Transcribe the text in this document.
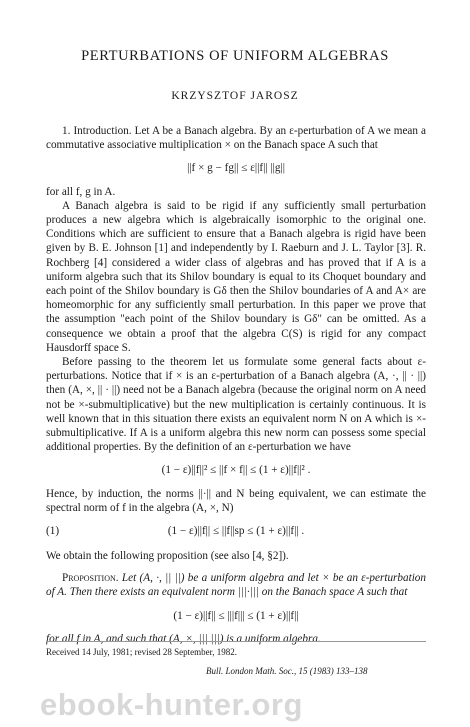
PERTURBATIONS OF UNIFORM ALGEBRAS
KRZYSZTOF JAROSZ

1. Introduction. Let A be a Banach algebra. By an ε-perturbation of A we mean a commutative associative multiplication × on the Banach space A such that

||f × g − fg|| ≤ ε||f|| ||g||

for all f, g in A.

A Banach algebra is said to be rigid if any sufficiently small perturbation produces a new algebra which is algebraically isomorphic to the original one. Conditions which are sufficient to ensure that a Banach algebra is rigid have been given by B. E. Johnson [1] and independently by I. Raeburn and J. L. Taylor [3]. R. Rochberg [4] considered a wider class of algebras and has proved that if A is a uniform algebra such that its Shilov boundary is equal to its Choquet boundary and each point of the Shilov boundary is Gδ then the Shilov boundaries of A and A× are homeomorphic for any sufficiently small perturbation. In this paper we prove that the assumption "each point of the Shilov boundary is Gδ" can be omitted. As a consequence we obtain a proof that the algebra C(S) is rigid for any compact Hausdorff space S.

Before passing to the theorem let us formulate some general facts about ε-perturbations. Notice that if × is an ε-perturbation of a Banach algebra (A, ·, || · ||) then (A, ×, || · ||) need not be a Banach algebra (because the original norm on A need not be ×-submultiplicative) but the new multiplication is certainly continuous. It is well known that in this situation there exists an equivalent norm N on A which is ×-submultiplicative. If A is a uniform algebra this new norm can possess some special additional properties. By the definition of an ε-perturbation we have

(1 − ε)||f||² ≤ ||f × f|| ≤ (1 + ε)||f||² .

Hence, by induction, the norms ||·|| and N being equivalent, we can estimate the spectral norm of f in the algebra (A, ×, N)

(1)	(1 − ε)||f|| ≤ ||f||sp ≤ (1 + ε)||f|| .

We obtain the following proposition (see also [4, §2]).

Proposition. Let (A, ·, || ||) be a uniform algebra and let × be an ε-perturbation of A. Then there exists an equivalent norm |||·||| on the Banach space A such that

(1 − ε)||f|| ≤ |||f||| ≤ (1 + ε)||f||

for all f in A, and such that (A, ×, ||| |||) is a uniform algebra.

Received 14 July, 1981; revised 28 September, 1982.
Bull. London Math. Soc., 15 (1983) 133–138
ebook-hunter.org
